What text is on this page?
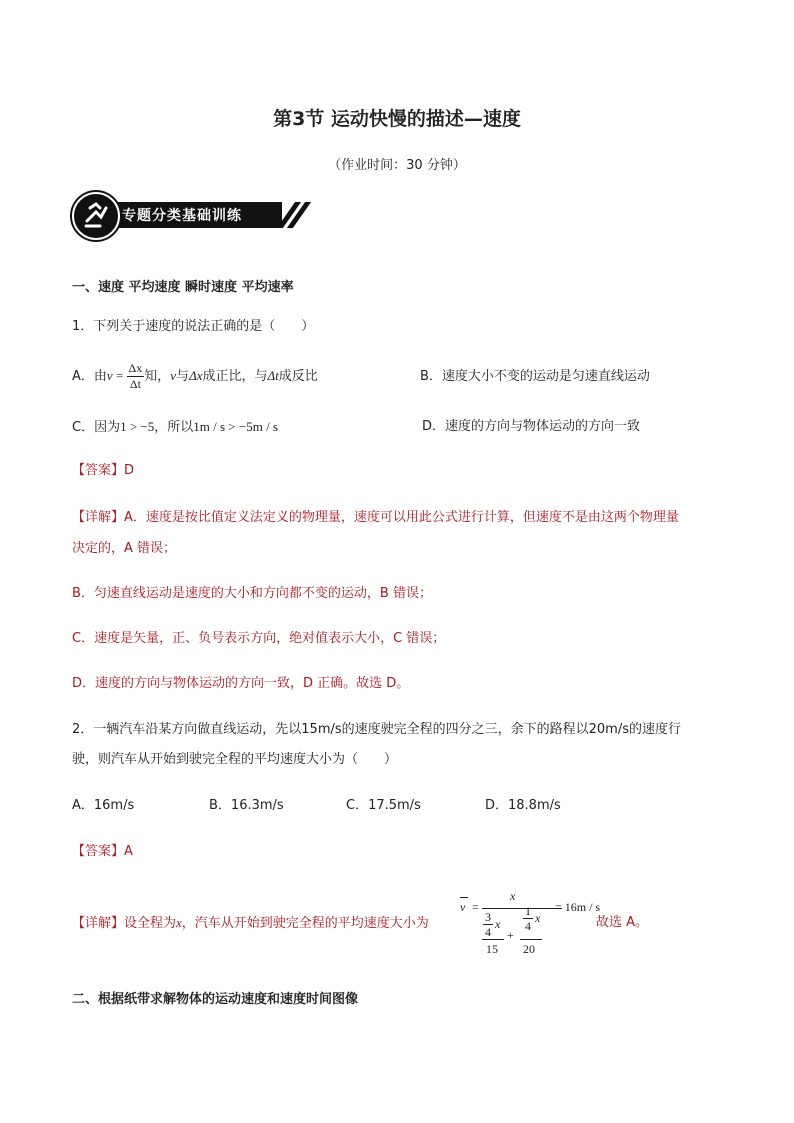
第3节 运动快慢的描述—速度
（作业时间：30 分钟）
专题分类基础训练
一、速度 平均速度 瞬时速度 平均速率
1．下列关于速度的说法正确的是（　　）
A．由$v = \frac{\Delta x}{\Delta t}$ 知，v与Δx成正比，与Δt成反比	B．速度大小不变的运动是匀速直线运动
C．因为1 > −5，所以1m / s > −5m / s	D．速度的方向与物体运动的方向一致
【答案】D
【详解】A．速度是按比值定义法定义的物理量，速度可以用此公式进行计算，但速度不是由这两个物理量
决定的，A 错误；
B．匀速直线运动是速度的大小和方向都不变的运动，B 错误；
C．速度是矢量，正、负号表示方向，绝对值表示大小，C 错误；
D．速度的方向与物体运动的方向一致，D 正确。故选 D。
2．一辆汽车沿某方向做直线运动，先以15m/s的速度驶完全程的四分之三，余下的路程以20m/s的速度行
驶，则汽车从开始到驶完全程的平均速度大小为（　　）
A．16m/s	B．16.3m/s	C．17.5m/s	D．18.8m/s
【答案】A
【详解】设全程为x，汽车从开始到驶完全程的平均速度大小为
v =
x
3
4
x
15
+
1
4
x
20
= 16m / s
故选 A。
二、根据纸带求解物体的运动速度和速度时间图像
